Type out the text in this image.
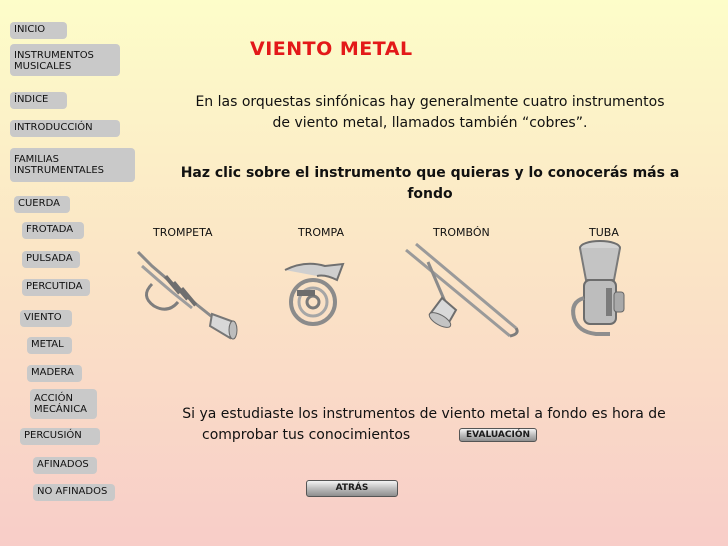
INICIO
INSTRUMENTOS MUSICALES
ÍNDICE
INTRODUCCIÓN
FAMILIAS INSTRUMENTALES
CUERDA
FROTADA
PULSADA
PERCUTIDA
VIENTO
METAL
MADERA
ACCIÓN MECÁNICA
PERCUSIÓN
AFINADOS
NO AFINADOS
VIENTO METAL
En las orquestas sinfónicas hay generalmente cuatro instrumentos
de viento metal, llamados también “cobres”.
Haz clic sobre el instrumento que quieras y lo conocerás más a
fondo
TROMPETA	TROMPA	TROMBÓN	TUBA
Si ya estudiaste los instrumentos de viento metal a fondo es hora de
comprobar tus conocimientos	EVALUACIÓN
ATRÁS
